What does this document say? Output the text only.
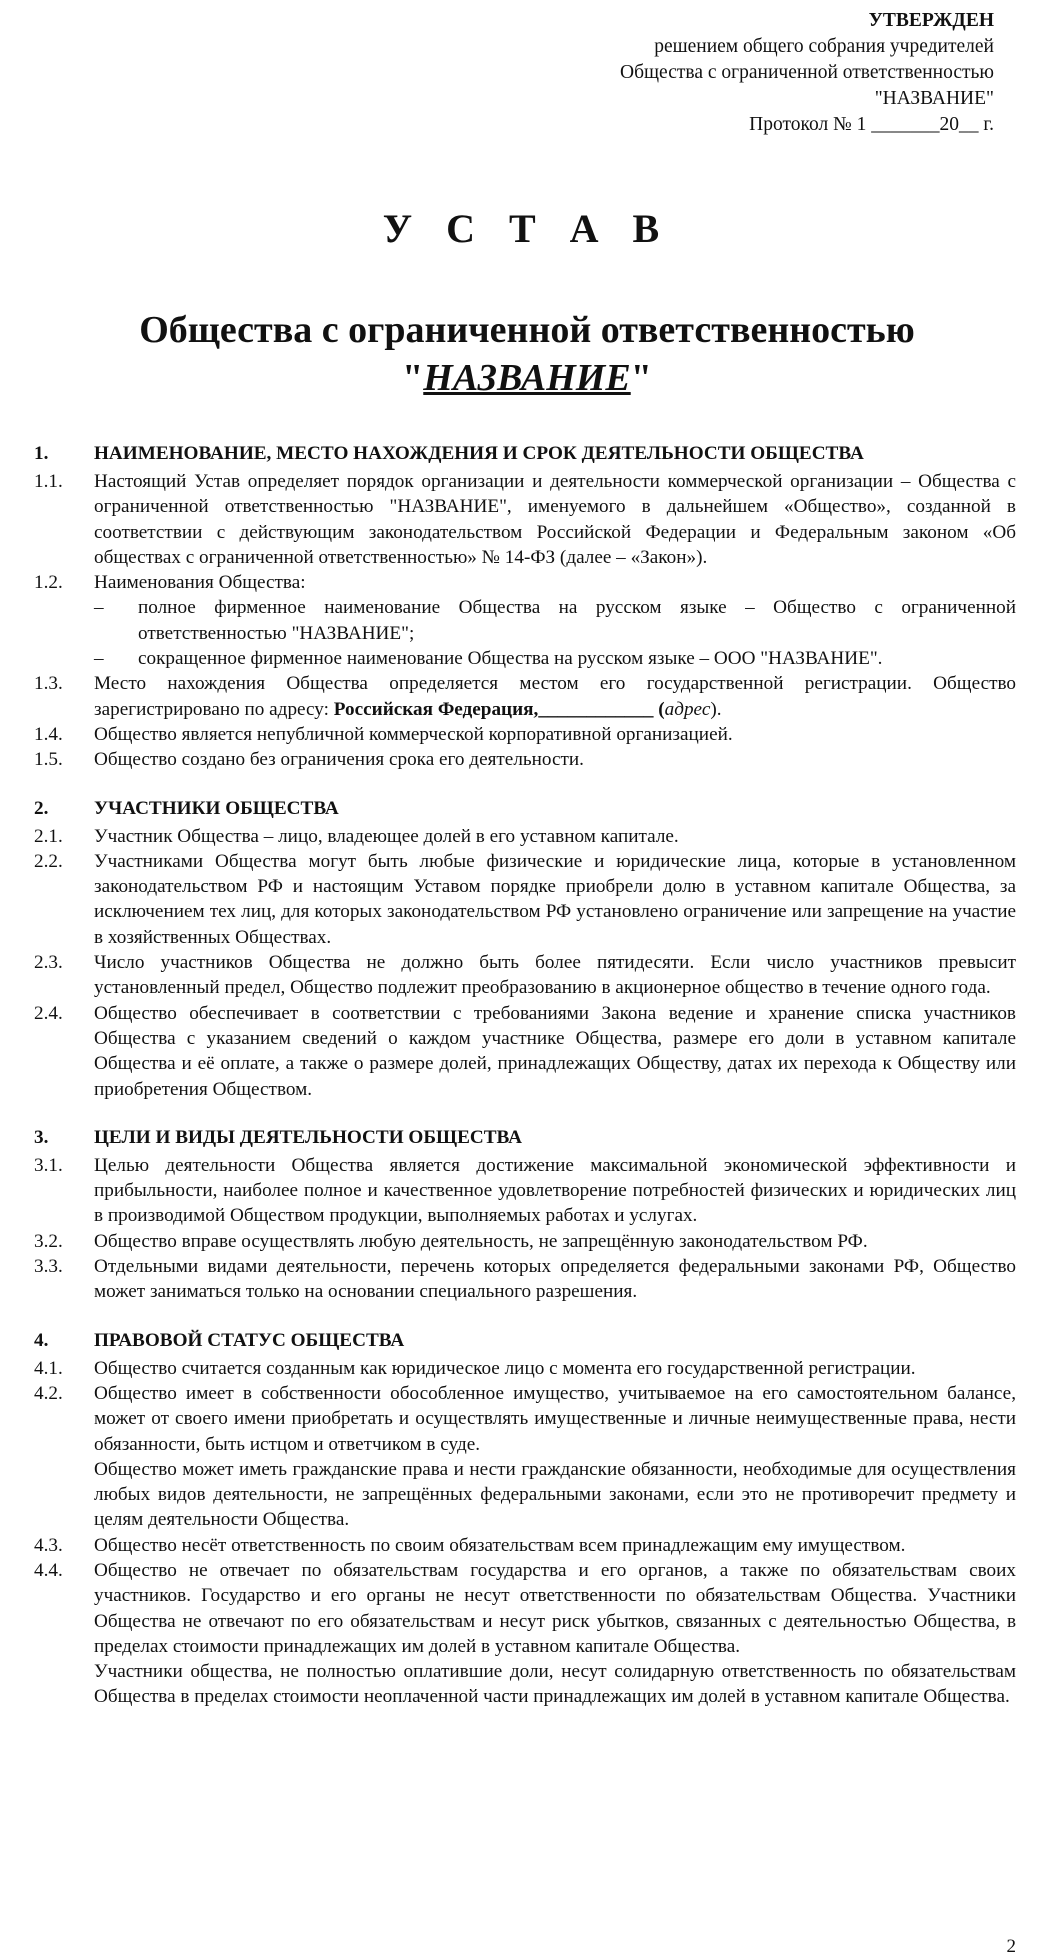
УТВЕРЖДЕН
решением общего собрания учредителей
Общества с ограниченной ответственностью
"НАЗВАНИЕ"
Протокол № 1 _______20__ г.
У С Т А В
Общества с ограниченной ответственностью
"НАЗВАНИЕ"
1.	НАИМЕНОВАНИЕ, МЕСТО НАХОЖДЕНИЯ И СРОК ДЕЯТЕЛЬНОСТИ ОБЩЕСТВА
1.1.	Настоящий Устав определяет порядок организации и деятельности коммерческой организации – Общества с ограниченной ответственностью "НАЗВАНИЕ", именуемого в дальнейшем «Общество», созданной в соответствии с действующим законодательством Российской Федерации и Федеральным законом «Об обществах с ограниченной ответственностью» № 14-ФЗ (далее – «Закон»).
1.2.	Наименования Общества:
–	полное фирменное наименование Общества на русском языке – Общество с ограниченной ответственностью "НАЗВАНИЕ";
–	сокращенное фирменное наименование Общества на русском языке – ООО "НАЗВАНИЕ".
1.3.	Место нахождения Общества определяется местом его государственной регистрации. Общество зарегистрировано по адресу: Российская Федерация,____________ (адрес).
1.4.	Общество является непубличной коммерческой корпоративной организацией.
1.5.	Общество создано без ограничения срока его деятельности.
2.	УЧАСТНИКИ ОБЩЕСТВА
2.1.	Участник Общества – лицо, владеющее долей в его уставном капитале.
2.2.	Участниками Общества могут быть любые физические и юридические лица, которые в установленном законодательством РФ и настоящим Уставом порядке приобрели долю в уставном капитале Общества, за исключением тех лиц, для которых законодательством РФ установлено ограничение или запрещение на участие в хозяйственных Обществах.
2.3.	Число участников Общества не должно быть более пятидесяти. Если число участников превысит установленный предел, Общество подлежит преобразованию в акционерное общество в течение одного года.
2.4.	Общество обеспечивает в соответствии с требованиями Закона ведение и хранение списка участников Общества с указанием сведений о каждом участнике Общества, размере его доли в уставном капитале Общества и её оплате, а также о размере долей, принадлежащих Обществу, датах их перехода к Обществу или приобретения Обществом.
3.	ЦЕЛИ И ВИДЫ ДЕЯТЕЛЬНОСТИ ОБЩЕСТВА
3.1.	Целью деятельности Общества является достижение максимальной экономической эффективности и прибыльности, наиболее полное и качественное удовлетворение потребностей физических и юридических лиц в производимой Обществом продукции, выполняемых работах и услугах.
3.2.	Общество вправе осуществлять любую деятельность, не запрещённую законодательством РФ.
3.3.	Отдельными видами деятельности, перечень которых определяется федеральными законами РФ, Общество может заниматься только на основании специального разрешения.
4.	ПРАВОВОЙ СТАТУС ОБЩЕСТВА
4.1.	Общество считается созданным как юридическое лицо с момента его государственной регистрации.
4.2.	Общество имеет в собственности обособленное имущество, учитываемое на его самостоятельном балансе, может от своего имени приобретать и осуществлять имущественные и личные неимущественные права, нести обязанности, быть истцом и ответчиком в суде.
Общество может иметь гражданские права и нести гражданские обязанности, необходимые для осуществления любых видов деятельности, не запрещённых федеральными законами, если это не противоречит предмету и целям деятельности Общества.
4.3.	Общество несёт ответственность по своим обязательствам всем принадлежащим ему имуществом.
4.4.	Общество не отвечает по обязательствам государства и его органов, а также по обязательствам своих участников. Государство и его органы не несут ответственности по обязательствам Общества. Участники Общества не отвечают по его обязательствам и несут риск убытков, связанных с деятельностью Общества, в пределах стоимости принадлежащих им долей в уставном капитале Общества.
Участники общества, не полностью оплатившие доли, несут солидарную ответственность по обязательствам Общества в пределах стоимости неоплаченной части принадлежащих им долей в уставном капитале Общества.
2
